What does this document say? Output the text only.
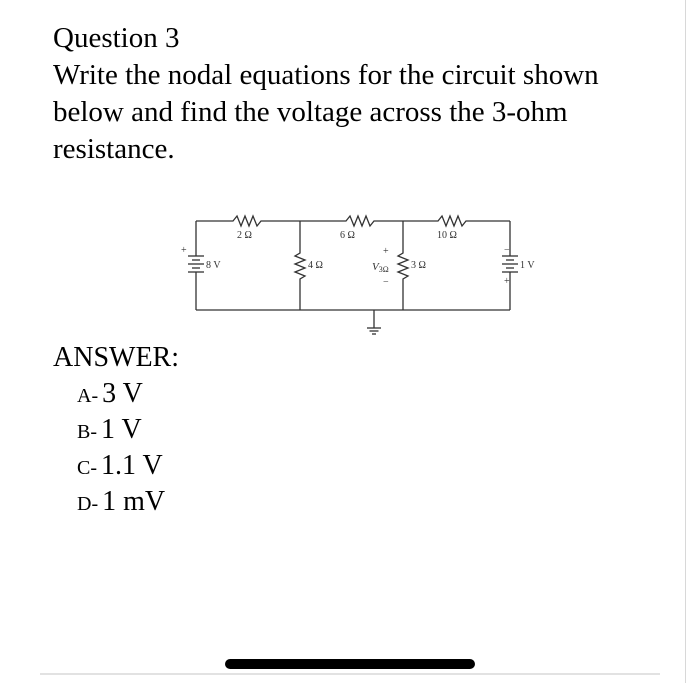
Question 3
Write the nodal equations for the circuit shown
below and find the voltage across the 3-ohm
resistance.
2 Ω	6 Ω	10 Ω
4 Ω	3 Ω
8 V	1 V
+	−
+
+
−
V3Ω
ANSWER:
A- 3 V
B- 1 V
C- 1.1 V
D- 1 mV
